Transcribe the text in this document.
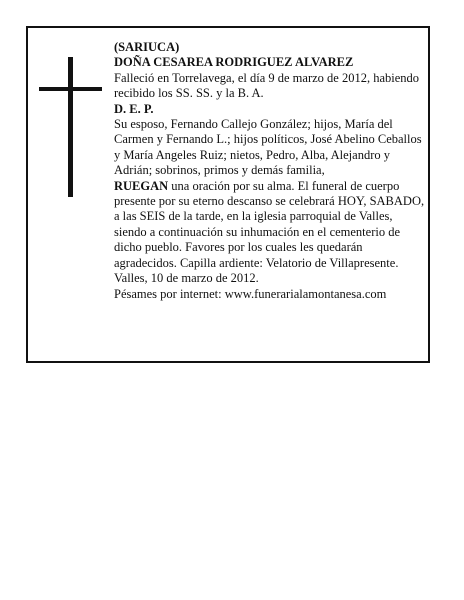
(SARIUCA)

DOÑA CESAREA RODRIGUEZ ALVAREZ

Falleció en Torrelavega, el día 9 de marzo de 2012, habiendo recibido los SS. SS. y la B. A.

D. E. P.

Su esposo, Fernando Callejo González; hijos, María del Carmen y Fernando L.; hijos políticos, José Abelino Ceballos y María Angeles Ruiz; nietos, Pedro, Alba, Alejandro y Adrián; sobrinos, primos y demás familia,

RUEGAN una oración por su alma. El funeral de cuerpo presente por su eterno descanso se celebrará HOY, SABADO, a las SEIS de la tarde, en la iglesia parroquial de Valles, siendo a continuación su inhumación en el cementerio de dicho pueblo. Favores por los cuales les quedarán agradecidos. Capilla ardiente: Velatorio de Villapresente.

Valles, 10 de marzo de 2012.

Pésames por internet: www.funerarialamontanesa.com
